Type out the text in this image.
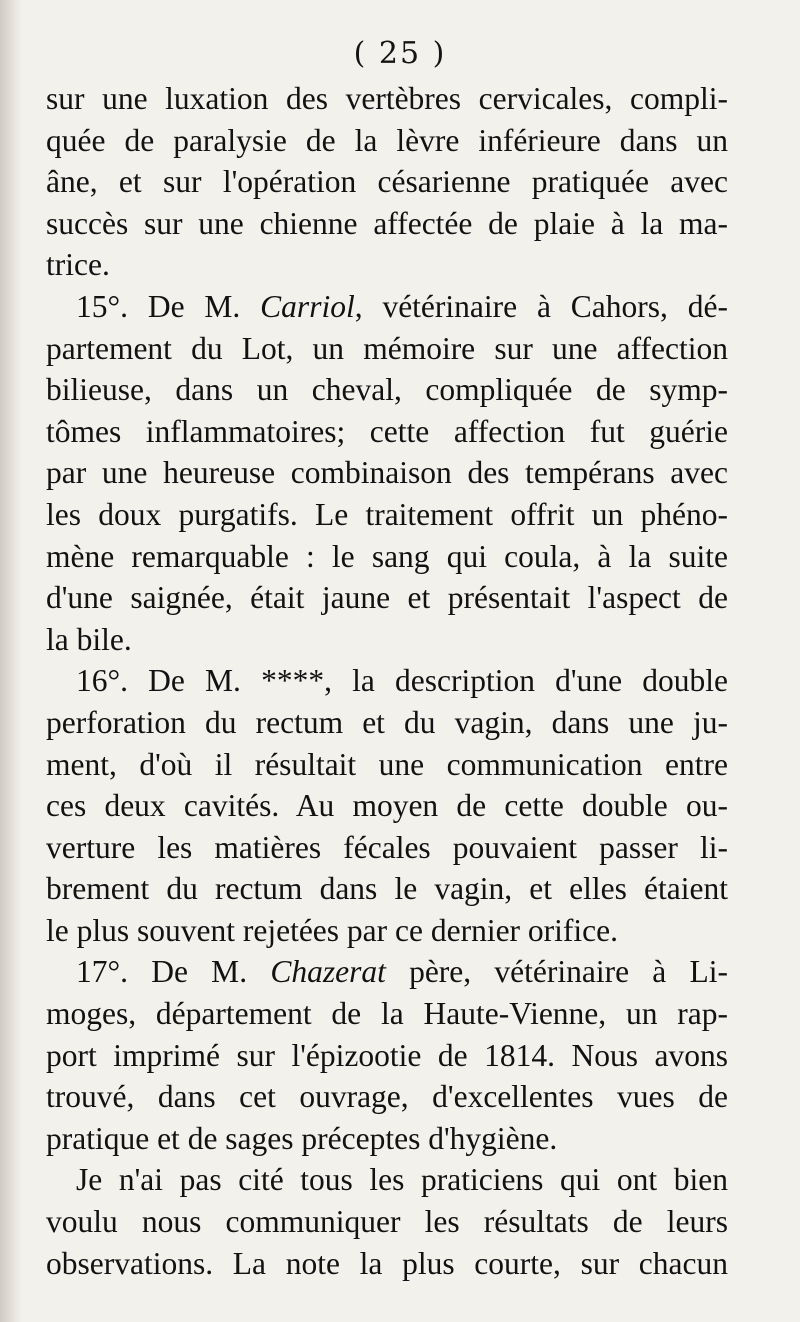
( 25 )

sur une luxation des vertèbres cervicales, compli-
quée de paralysie de la lèvre inférieure dans un
âne, et sur l'opération césarienne pratiquée avec
succès sur une chienne affectée de plaie à la ma-
trice.

15°. De M. Carriol, vétérinaire à Cahors, dé-
partement du Lot, un mémoire sur une affection
bilieuse, dans un cheval, compliquée de symp-
tômes inflammatoires; cette affection fut guérie
par une heureuse combinaison des tempérans avec
les doux purgatifs. Le traitement offrit un phéno-
mène remarquable : le sang qui coula, à la suite
d'une saignée, était jaune et présentait l'aspect de
la bile.

16°. De M. ****, la description d'une double
perforation du rectum et du vagin, dans une ju-
ment, d'où il résultait une communication entre
ces deux cavités. Au moyen de cette double ou-
verture les matières fécales pouvaient passer li-
brement du rectum dans le vagin, et elles étaient
le plus souvent rejetées par ce dernier orifice.

17°. De M. Chazerat père, vétérinaire à Li-
moges, département de la Haute-Vienne, un rap-
port imprimé sur l'épizootie de 1814. Nous avons
trouvé, dans cet ouvrage, d'excellentes vues de
pratique et de sages préceptes d'hygiène.

Je n'ai pas cité tous les praticiens qui ont bien
voulu nous communiquer les résultats de leurs
observations. La note la plus courte, sur chacun
